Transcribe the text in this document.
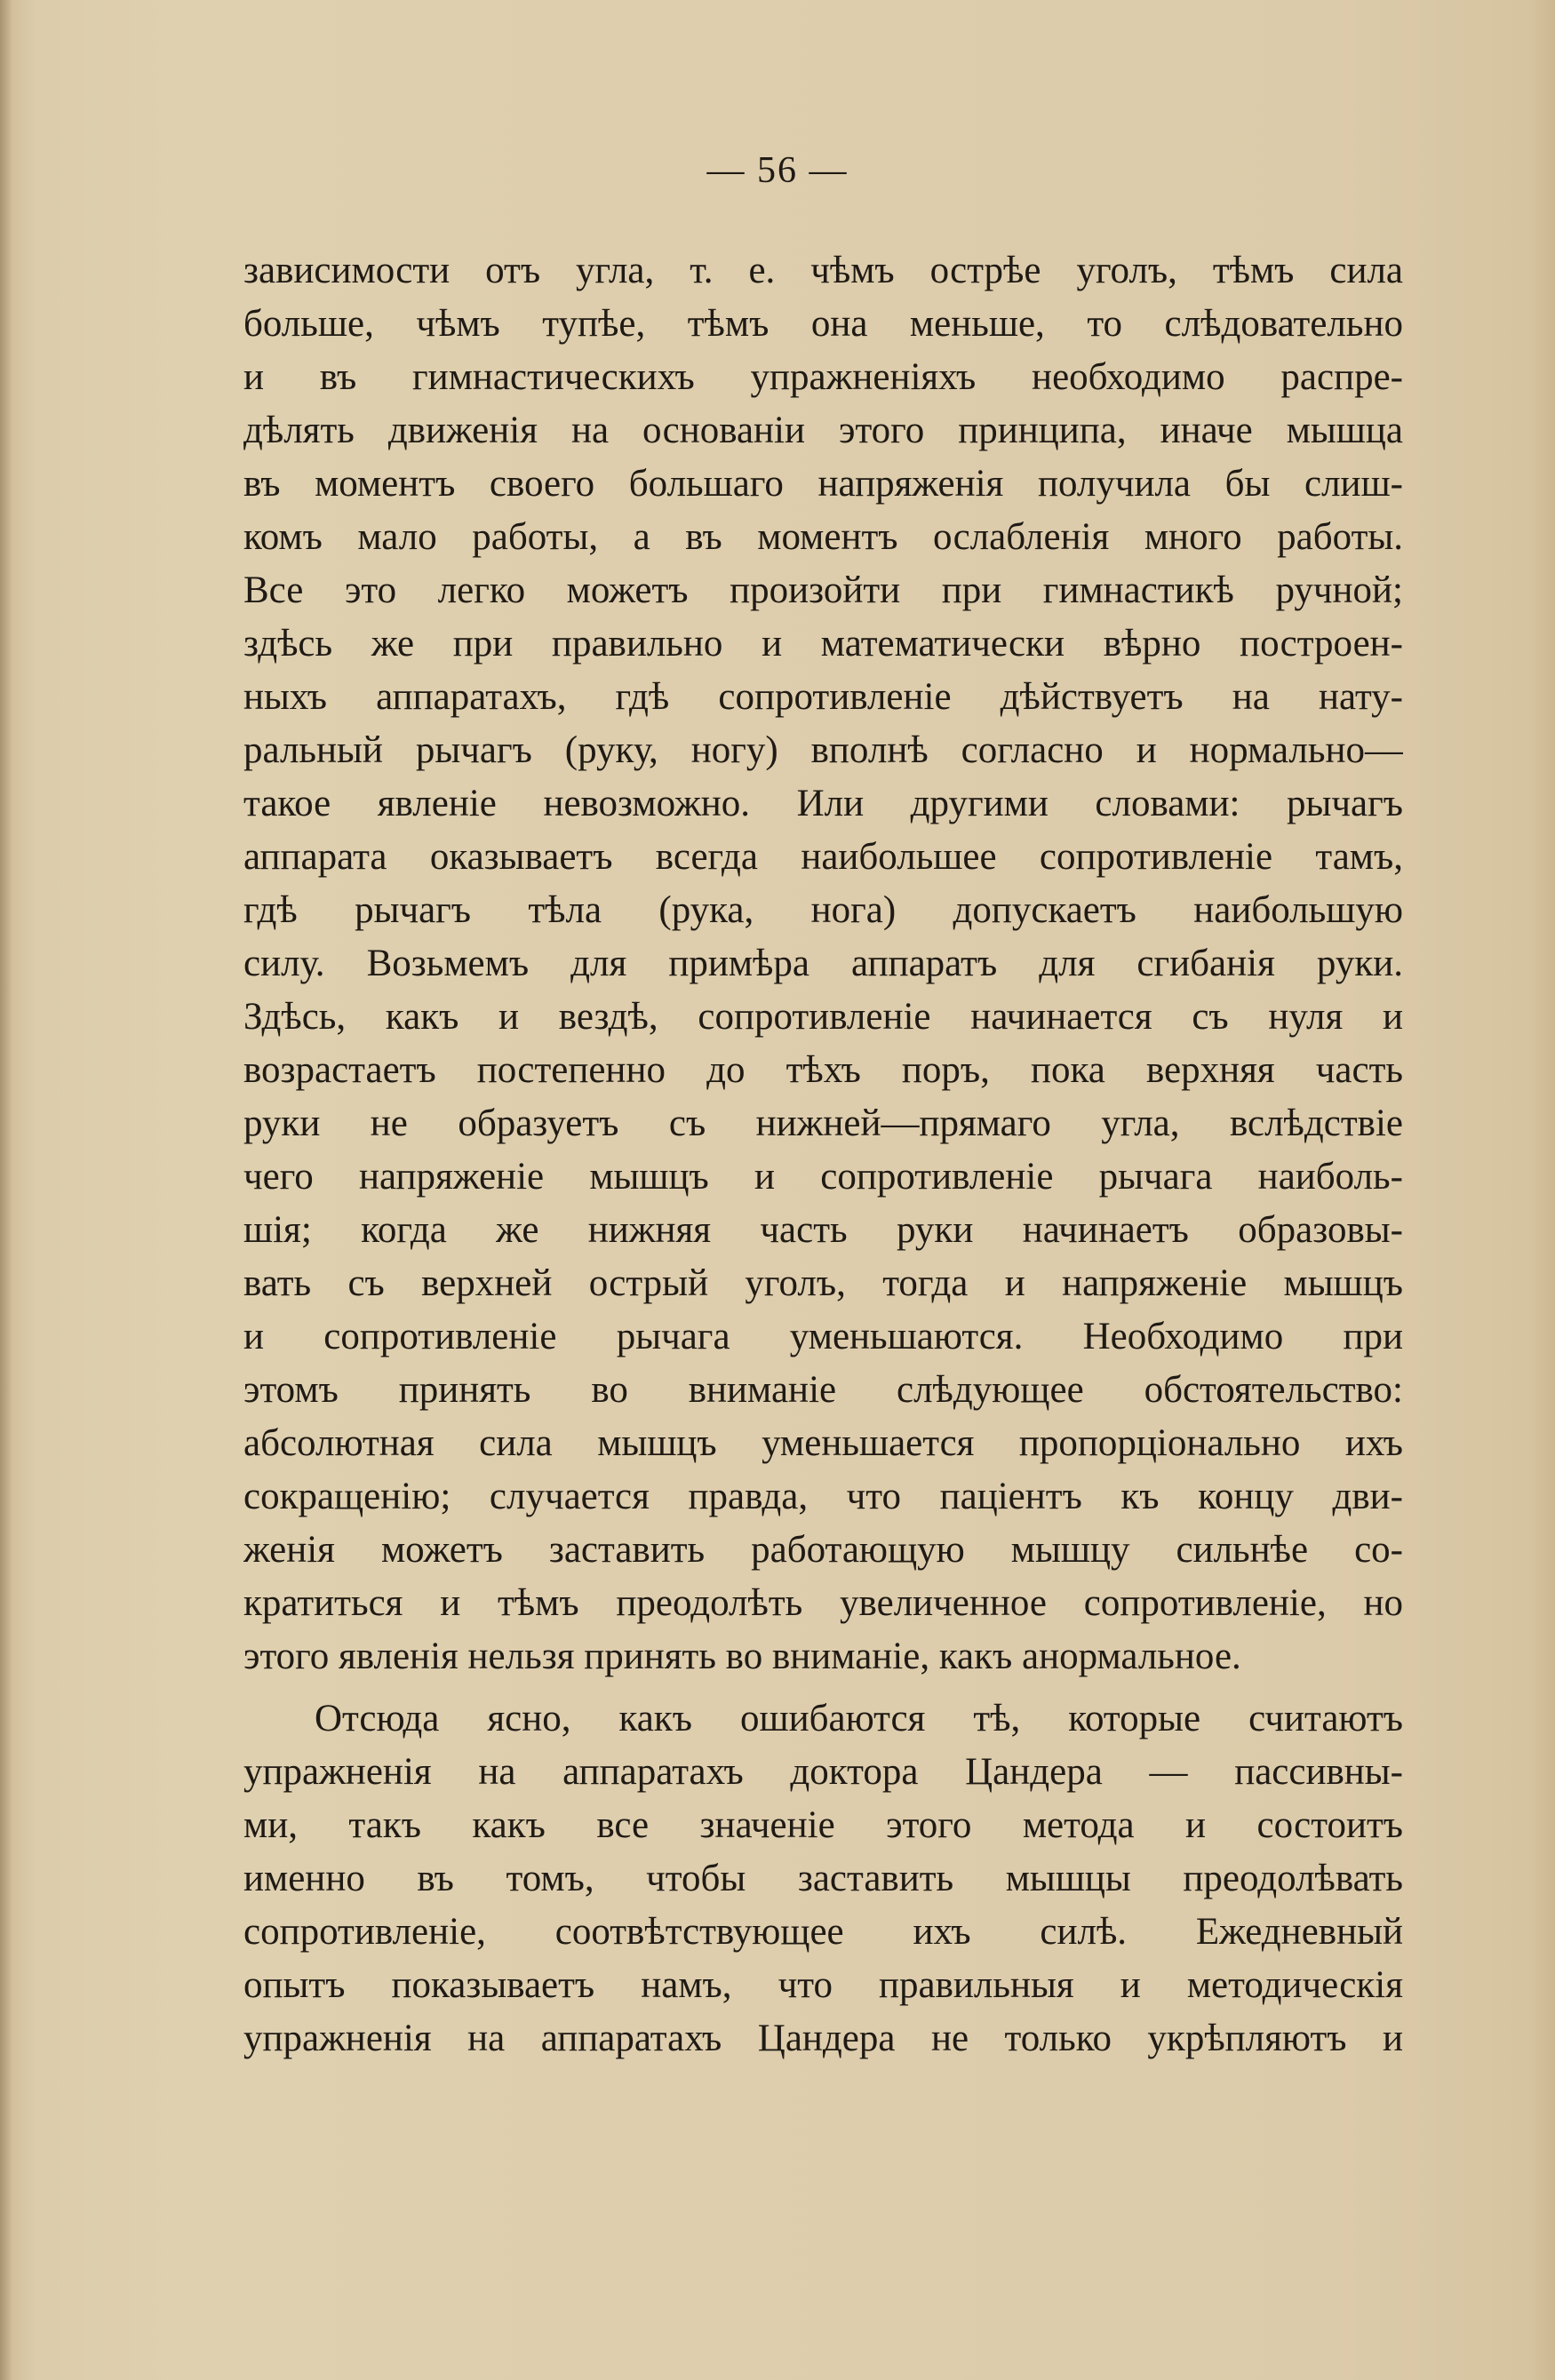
— 56 —
зависимости отъ угла, т. е. чѣмъ острѣе уголъ, тѣмъ сила
больше, чѣмъ тупѣе, тѣмъ она меньше, то слѣдовательно
и въ гимнастическихъ упражненіяхъ необходимо распре-
дѣлять движенія на основаніи этого принципа, иначе мышца
въ моментъ своего большаго напряженія получила бы слиш-
комъ мало работы, а въ моментъ ослабленія много работы.
Все это легко можетъ произойти при гимнастикѣ ручной;
здѣсь же при правильно и математически вѣрно построен-
ныхъ аппаратахъ, гдѣ сопротивленіе дѣйствуетъ на нату-
ральный рычагъ (руку, ногу) вполнѣ согласно и нормально—
такое явленіе невозможно. Или другими словами: рычагъ
аппарата оказываетъ всегда наибольшее сопротивленіе тамъ,
гдѣ рычагъ тѣла (рука, нога) допускаетъ наибольшую
силу. Возьмемъ для примѣра аппаратъ для сгибанія руки.
Здѣсь, какъ и вездѣ, сопротивленіе начинается съ нуля и
возрастаетъ постепенно до тѣхъ поръ, пока верхняя часть
руки не образуетъ съ нижней—прямаго угла, вслѣдствіе
чего напряженіе мышцъ и сопротивленіе рычага наиболь-
шія; когда же нижняя часть руки начинаетъ образовы-
вать съ верхней острый уголъ, тогда и напряженіе мышцъ
и сопротивленіе рычага уменьшаются. Необходимо при
этомъ принять во вниманіе слѣдующее обстоятельство:
абсолютная сила мышцъ уменьшается пропорціонально ихъ
сокращенію; случается правда, что паціентъ къ концу дви-
женія можетъ заставить работающую мышцу сильнѣе со-
кратиться и тѣмъ преодолѣть увеличенное сопротивленіе, но
этого явленія нельзя принять во вниманіе, какъ анормальное.
Отсюда ясно, какъ ошибаются тѣ, которые считаютъ
упражненія на аппаратахъ доктора Цандера — пассивны-
ми, такъ какъ все значеніе этого метода и состоитъ
именно въ томъ, чтобы заставить мышцы преодолѣвать
сопротивленіе, соотвѣтствующее ихъ силѣ. Ежедневный
опытъ показываетъ намъ, что правильныя и методическія
упражненія на аппаратахъ Цандера не только укрѣпляютъ и
